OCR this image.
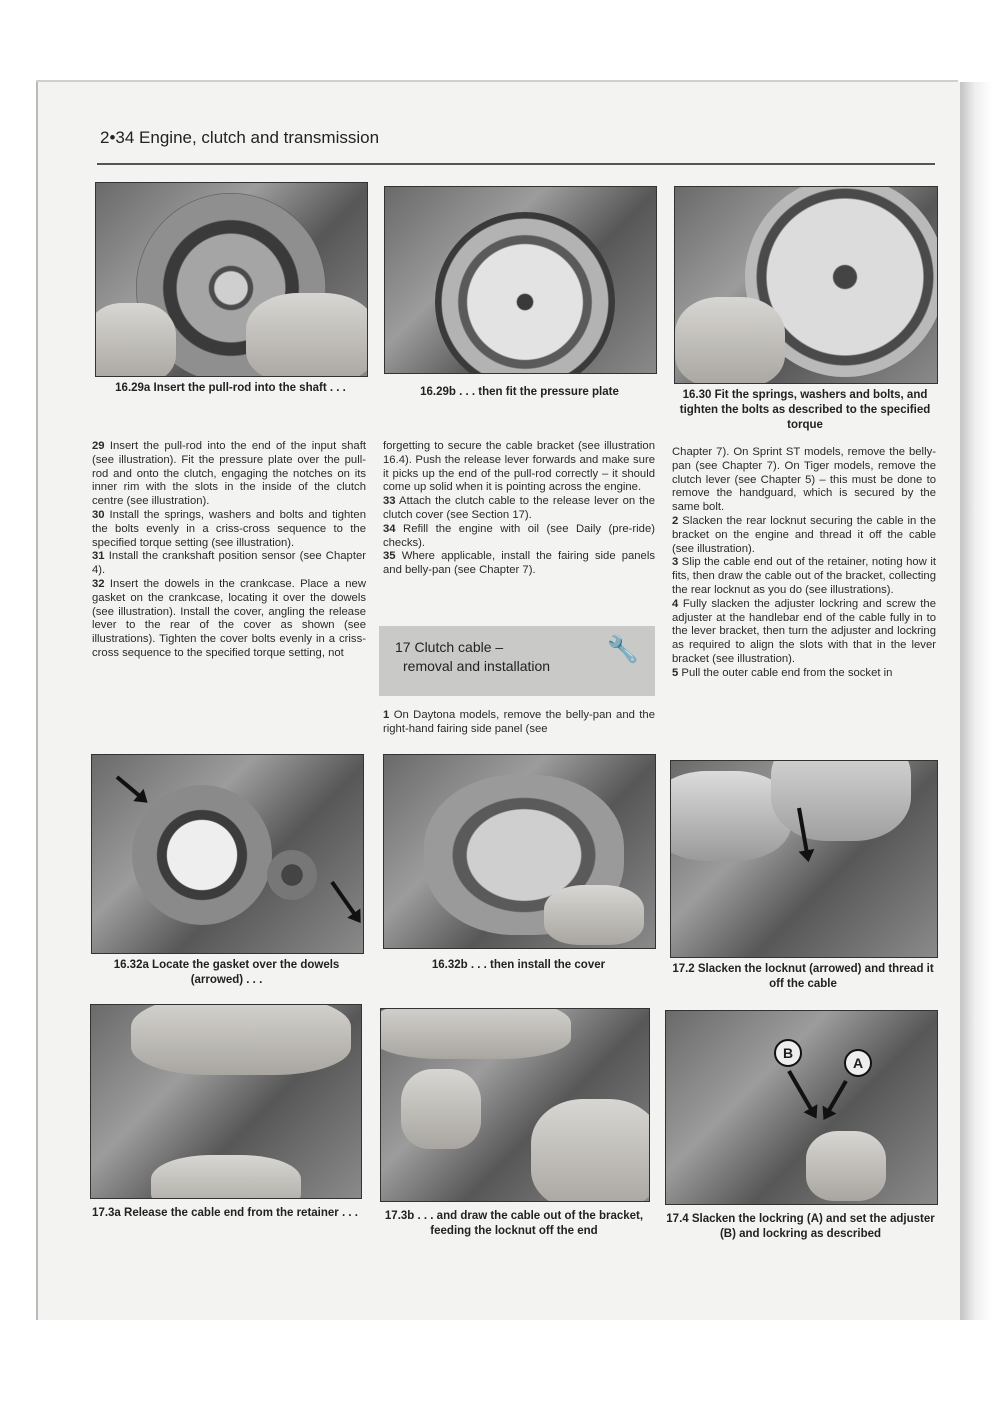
2•34 Engine, clutch and transmission
16.29a Insert the pull-rod into the shaft . . .	16.29b . . . then fit the pressure plate	16.30 Fit the springs, washers and bolts, and tighten the bolts as described to the specified torque

29 Insert the pull-rod into the end of the input shaft (see illustration). Fit the pressure plate over the pull-rod and onto the clutch, engaging the notches on its inner rim with the slots in the inside of the clutch centre (see illustration).

30 Install the springs, washers and bolts and tighten the bolts evenly in a criss-cross sequence to the specified torque setting (see illustration).

31 Install the crankshaft position sensor (see Chapter 4).

32 Insert the dowels in the crankcase. Place a new gasket on the crankcase, locating it over the dowels (see illustration). Install the cover, angling the release lever to the rear of the cover as shown (see illustrations). Tighten the cover bolts evenly in a criss-cross sequence to the specified torque setting, not

forgetting to secure the cable bracket (see illustration 16.4). Push the release lever forwards and make sure it picks up the end of the pull-rod correctly – it should come up solid when it is pointing across the engine.

33 Attach the clutch cable to the release lever on the clutch cover (see Section 17).

34 Refill the engine with oil (see Daily (pre-ride) checks).

35 Where applicable, install the fairing side panels and belly-pan (see Chapter 7).

17 Clutch cable –
removal and installation
🔧

1 On Daytona models, remove the belly-pan and the right-hand fairing side panel (see

Chapter 7). On Sprint ST models, remove the belly-pan (see Chapter 7). On Tiger models, remove the clutch lever (see Chapter 5) – this must be done to remove the handguard, which is secured by the same bolt.

2 Slacken the rear locknut securing the cable in the bracket on the engine and thread it off the cable (see illustration).

3 Slip the cable end out of the retainer, noting how it fits, then draw the cable out of the bracket, collecting the rear locknut as you do (see illustrations).

4 Fully slacken the adjuster lockring and screw the adjuster at the handlebar end of the cable fully in to the lever bracket, then turn the adjuster and lockring as required to align the slots with that in the lever bracket (see illustration).

5 Pull the outer cable end from the socket in

16.32a Locate the gasket over the dowels (arrowed) . . .
16.32b . . . then install the cover	17.2 Slacken the locknut (arrowed) and thread it off the cable
B
A
17.3a Release the cable end from the retainer . . .	17.3b . . . and draw the cable out of the bracket, feeding the locknut off the end
17.4 Slacken the lockring (A) and set the adjuster (B) and lockring as described
